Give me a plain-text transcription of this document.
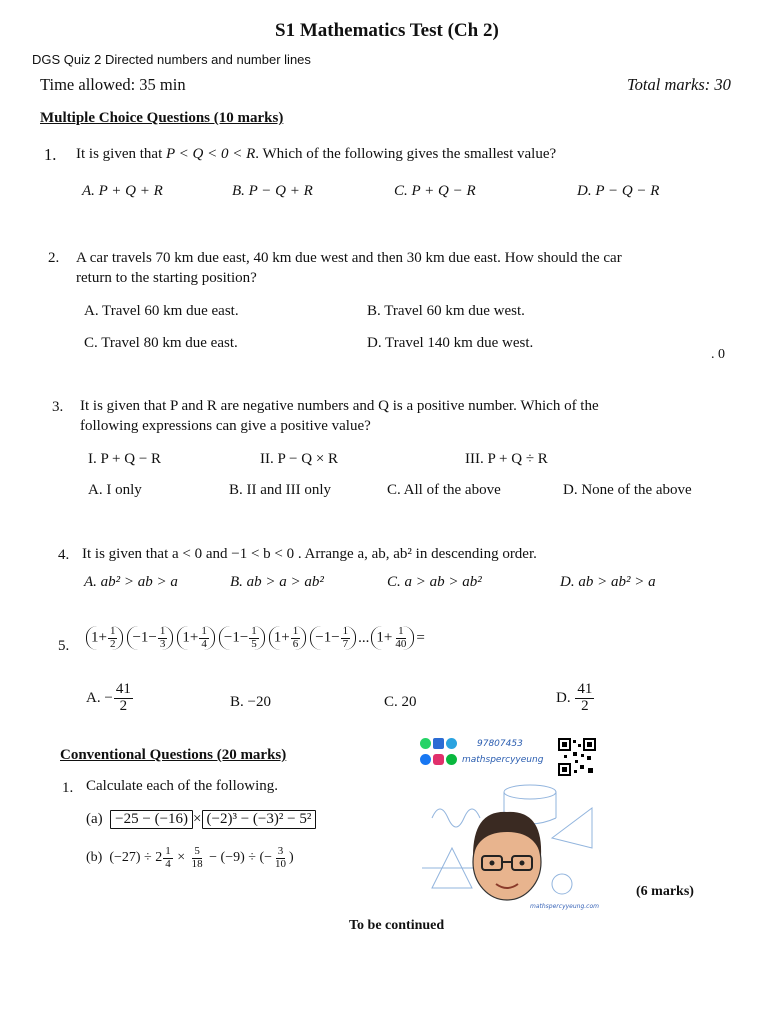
S1 Mathematics Test (Ch 2)
DGS Quiz 2 Directed numbers and number lines
Time allowed: 35 min	Total marks: 30
Multiple Choice Questions (10 marks)
1. It is given that P < Q < 0 < R. Which of the following gives the smallest value?
A. P + Q + R	B. P − Q + R	C. P + Q − R	D. P − Q − R
2. A car travels 70 km due east, 40 km due west and then 30 km due east. How should the car
return to the starting position?
A. Travel 60 km due east.	B. Travel 60 km due west.
C. Travel 80 km due east.	D. Travel 140 km due west.
. 0
3. It is given that P and R are negative numbers and Q is a positive number. Which of the
following expressions can give a positive value?
I. P + Q − R	II. P − Q × R	III. P + Q ÷ R
A. I only	B. II and III only	C. All of the above	D. None of the above
4. It is given that a < 0 and −1 < b < 0 . Arrange a, ab, ab² in descending order.
A. ab² > ab > a	B. ab > a > ab²	C. a > ab > ab²	D. ab > ab² > a
5.
$1+ \frac{1}{2}$	$-1- \frac{1}{3}$	$1+ \frac{1}{4}$	$-1- \frac{1}{5}$	$1+ \frac{1}{6}$	$-1- \frac{1}{7}$ ... $1+ \frac{1}{40}$ =
A.
− $\frac{41}{2}$	B. −20	C. 20	D.
$\frac{41}{2}$
Conventional Questions (20 marks)
1. Calculate each of the following.
(a)
−25 − (−16) × (−2)³ − (−3)² − 5²
(b)
$(-27) \div 2 \frac{1}{4}$
×
$\frac{5}{18}$
− (−9) ÷ (− $\frac{3}{10}$ )
(6 marks)
97807453
mathspercyyeung
mathspercyyeung.com
To be continued
